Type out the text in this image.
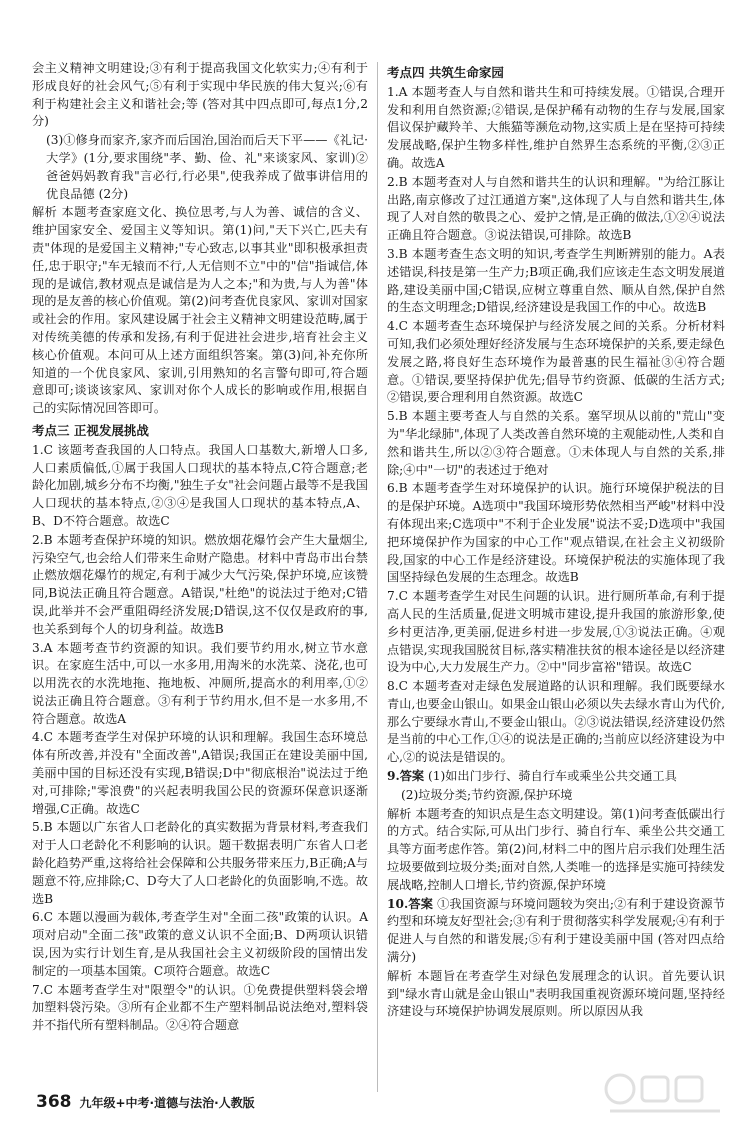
会主义精神文明建设;③有利于提高我国文化软实力;④有利于形成良好的社会风气;⑤有利于实现中华民族的伟大复兴;⑥有利于构建社会主义和谐社会;等 (答对其中四点即可,每点1分,2分)

(3)①修身而家齐,家齐而后国治,国治而后天下平——《礼记·大学》(1分,要求围绕"孝、勤、俭、礼"来谈家风、家训)②爸爸妈妈教育我"言必行,行必果",使我养成了做事讲信用的优良品德 (2分)

解析 本题考查家庭文化、换位思考,与人为善、诚信的含义、维护国家安全、爱国主义等知识。第(1)问,"天下兴亡,匹夫有责"体现的是爱国主义精神;"专心致志,以事其业"即积极承担责任,忠于职守;"车无辕而不行,人无信则不立"中的"信"指诚信,体现的是诚信,教材观点是诚信是为人之本;"和为贵,与人为善"体现的是友善的核心价值观。第(2)问考查优良家风、家训对国家或社会的作用。家风建设属于社会主义精神文明建设范畴,属于对传统美德的传承和发扬,有利于促进社会进步,培育社会主义核心价值观。本问可从上述方面组织答案。第(3)问,补充你所知道的一个优良家风、家训,引用熟知的名言警句即可,符合题意即可;谈谈该家风、家训对你个人成长的影响或作用,根据自己的实际情况回答即可。

考点三 正视发展挑战

1.C 该题考查我国的人口特点。我国人口基数大,新增人口多,人口素质偏低,①属于我国人口现状的基本特点,C符合题意;老龄化加剧,城乡分布不均衡,"独生子女"社会问题占最等不是我国人口现状的基本特点,②③④是我国人口现状的基本特点,A、B、D不符合题意。故选C

2.B 本题考查保护环境的知识。燃放烟花爆竹会产生大量烟尘,污染空气,也会给人们带来生命财产隐患。材料中青岛市出台禁止燃放烟花爆竹的规定,有利于减少大气污染,保护环境,应该赞同,B说法正确且符合题意。A错误,"杜绝"的说法过于绝对;C错误,此举并不会严重阻碍经济发展;D错误,这不仅仅是政府的事,也关系到每个人的切身利益。故选B

3.A 本题考查节约资源的知识。我们要节约用水,树立节水意识。在家庭生活中,可以一水多用,用淘米的水洗菜、浇花,也可以用洗衣的水洗地拖、拖地板、冲厕所,提高水的利用率,①②说法正确且符合题意。③有利于节约用水,但不是一水多用,不符合题意。故选A

4.C 本题考查学生对保护环境的认识和理解。我国生态环境总体有所改善,并没有"全面改善",A错误;我国正在建设美丽中国,美丽中国的目标还没有实现,B错误;D中"彻底根治"说法过于绝对,可排除;"零浪费"的兴起表明我国公民的资源环保意识逐渐增强,C正确。故选C

5.B 本题以广东省人口老龄化的真实数据为背景材料,考查我们对于人口老龄化不利影响的认识。题干数据表明广东省人口老龄化趋势严重,这将给社会保障和公共服务带来压力,B正确;A与题意不符,应排除;C、D夸大了人口老龄化的负面影响,不选。故选B

6.C 本题以漫画为载体,考查学生对"全面二孩"政策的认识。A项对启动"全面二孩"政策的意义认识不全面;B、D两项认识错误,因为实行计划生育,是从我国社会主义初级阶段的国情出发制定的一项基本国策。C项符合题意。故选C

7.C 本题考查学生对"限塑令"的认识。①免费提供塑料袋会增加塑料袋污染。③所有企业都不生产塑料制品说法绝对,塑料袋并不指代所有塑料制品。②④符合题意

考点四 共筑生命家园

1.A 本题考查人与自然和谐共生和可持续发展。①错误,合理开发和利用自然资源;②错误,是保护稀有动物的生存与发展,国家倡议保护藏羚羊、大熊猫等濒危动物,这实质上是在坚持可持续发展战略,保护生物多样性,维护自然界生态系统的平衡,②③正确。故选A

2.B 本题考查对人与自然和谐共生的认识和理解。"为给江豚让出路,南京修改了过江通道方案",这体现了人与自然和谐共生,体现了人对自然的敬畏之心、爱护之情,是正确的做法,①②④说法正确且符合题意。③说法错误,可排除。故选B

3.B 本题考查生态文明的知识,考查学生判断辨别的能力。A表述错误,科技是第一生产力;B项正确,我们应该走生态文明发展道路,建设美丽中国;C错误,应树立尊重自然、顺从自然,保护自然的生态文明理念;D错误,经济建设是我国工作的中心。故选B

4.C 本题考查生态环境保护与经济发展之间的关系。分析材料可知,我们必须处理好经济发展与生态环境保护的关系,要走绿色发展之路,将良好生态环境作为最普惠的民生福祉③④符合题意。①错误,要坚持保护优先;倡导节约资源、低碳的生活方式;②错误,要合理利用自然资源。故选C

5.B 本题主要考查人与自然的关系。塞罕坝从以前的"荒山"变为"华北绿肺",体现了人类改善自然环境的主观能动性,人类和自然和谐共生,所以②③符合题意。①未体现人与自然的关系,排除;④中"一切"的表述过于绝对

6.B 本题考查学生对环境保护的认识。施行环境保护税法的目的是保护环境。A选项中"我国环境形势依然相当严峻"材料中没有体现出来;C选项中"不利于企业发展"说法不妥;D选项中"我国把环境保护作为国家的中心工作"观点错误,在社会主义初级阶段,国家的中心工作是经济建设。环境保护税法的实施体现了我国坚持绿色发展的生态理念。故选B

7.C 本题考查学生对民生问题的认识。进行厕所革命,有利于提高人民的生活质量,促进文明城市建设,提升我国的旅游形象,使乡村更洁净,更美丽,促进乡村进一步发展,①③说法正确。④观点错误,实现我国脱贫目标,落实精准扶贫的根本途径是以经济建设为中心,大力发展生产力。②中"同步富裕"错误。故选C

8.C 本题考查对走绿色发展道路的认识和理解。我们既要绿水青山,也要金山银山。如果金山银山必须以失去绿水青山为代价,那么宁要绿水青山,不要金山银山。②③说法错误,经济建设仍然是当前的中心工作,①④的说法是正确的;当前应以经济建设为中心,②的说法是错误的。

9.答案 (1)如出门步行、骑自行车或乘坐公共交通工具

(2)垃圾分类;节约资源,保护环境

解析 本题考查的知识点是生态文明建设。第(1)问考查低碳出行的方式。结合实际,可从出门步行、骑自行车、乘坐公共交通工具等方面考虑作答。第(2)问,材料二中的图片启示我们处理生活垃圾要做到垃圾分类;面对自然,人类唯一的选择是实施可持续发展战略,控制人口增长,节约资源,保护环境

10.答案 ①我国资源与环境问题较为突出;②有利于建设资源节约型和环境友好型社会;③有利于贯彻落实科学发展观;④有利于促进人与自然的和谐发展;⑤有利于建设美丽中国 (答对四点给满分)

解析 本题旨在考查学生对绿色发展理念的认识。首先要认识到"绿水青山就是金山银山"表明我国重视资源环境问题,坚持经济建设与环境保护协调发展原则。所以原因从我

368 九年级+中考·道德与法治·人教版
